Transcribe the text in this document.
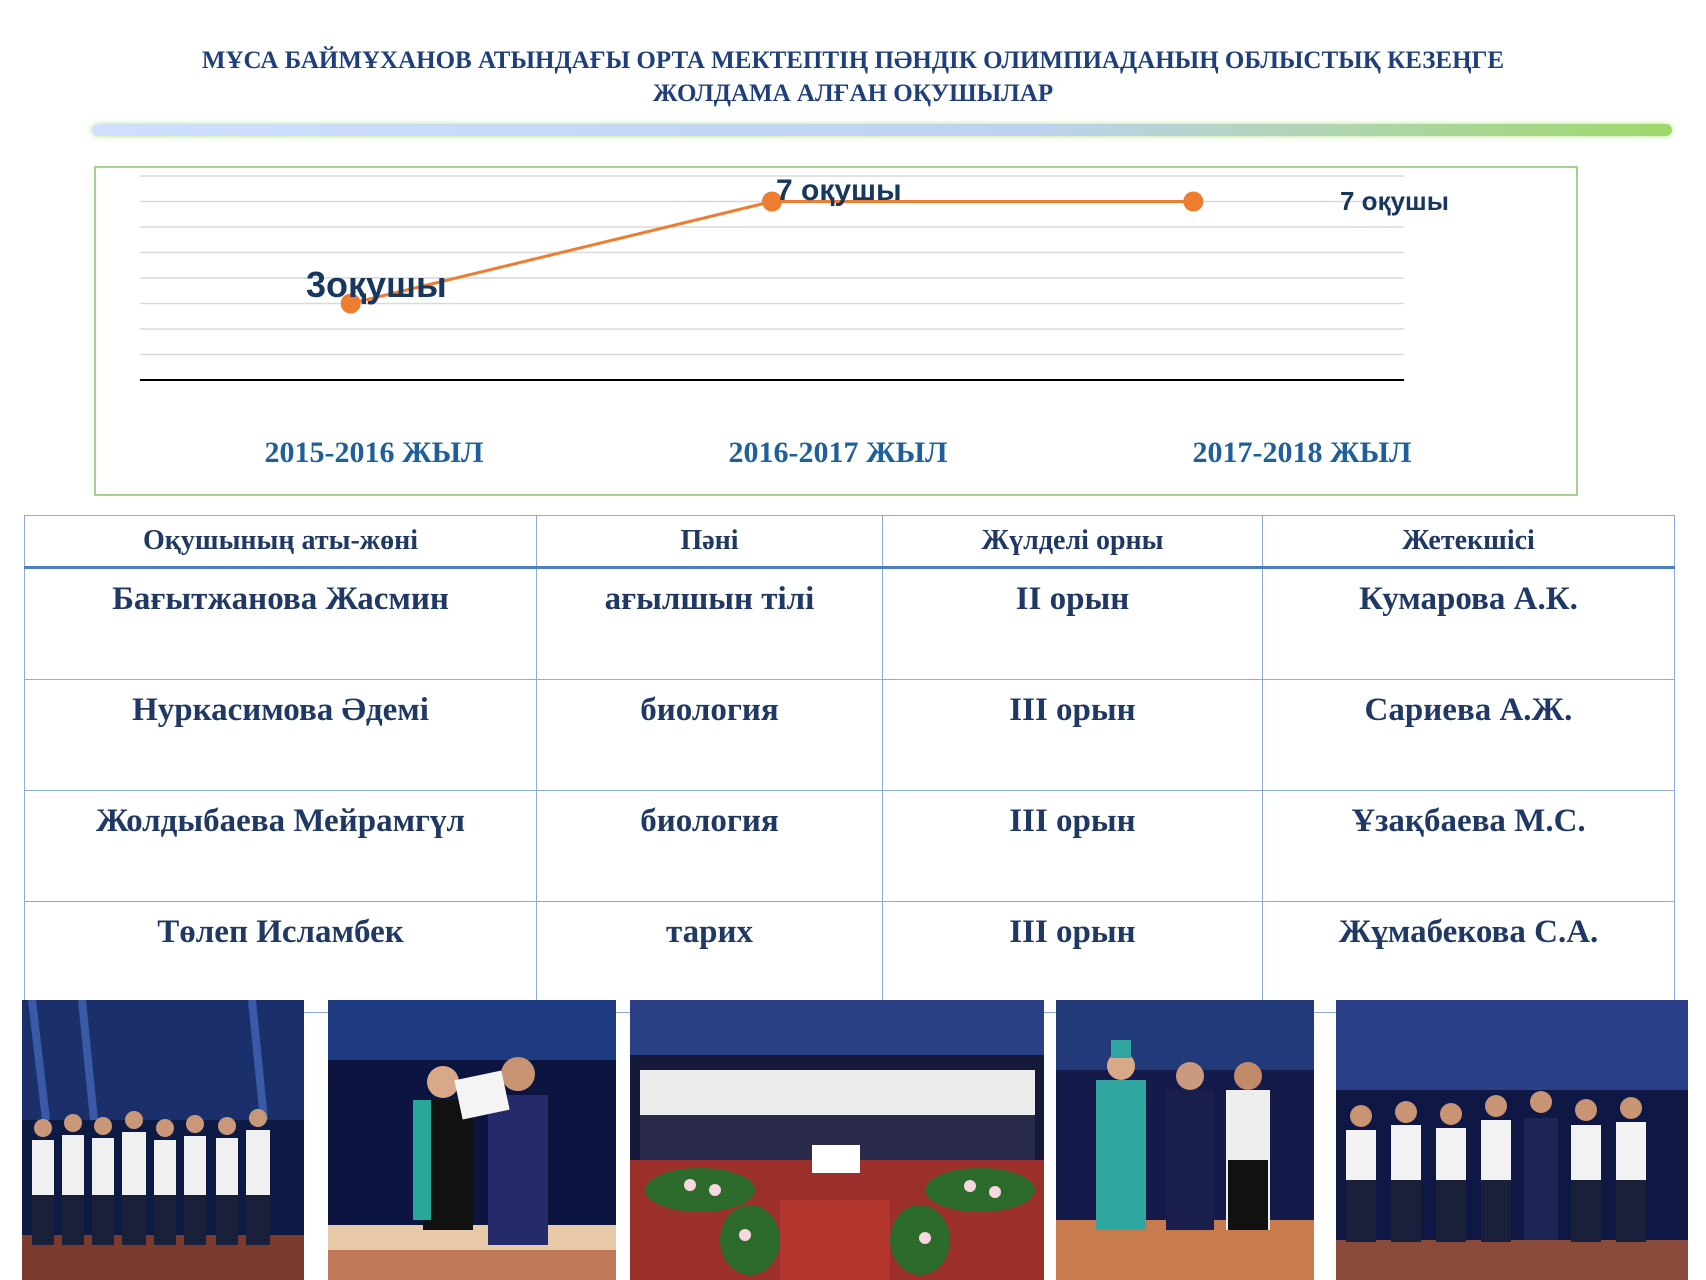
МҰСА БАЙМҰХАНОВ АТЫНДАҒЫ ОРТА МЕКТЕПТІҢ ПӘНДІК ОЛИМПИАДАНЫҢ ОБЛЫСТЫҚ КЕЗЕҢГЕ
ЖОЛДАМА АЛҒАН ОҚУШЫЛАР
2015-2016 ЖЫЛ	2016-2017 ЖЫЛ	2017-2018 ЖЫЛ
3оқушы
7 оқушы	7 оқушы
Оқушының аты-жөні	Пәні	Жүлделі орны	Жетекшісі
Бағытжанова Жасмин	ағылшын тілі	II орын	Кумарова А.К.
Нуркасимова Әдемі	биология	III орын	Сариева А.Ж.
Жолдыбаева Мейрамгүл	биология	III орын	Ұзақбаева М.С.
Төлеп Исламбек	тарих	III орын	Жұмабекова С.А.
